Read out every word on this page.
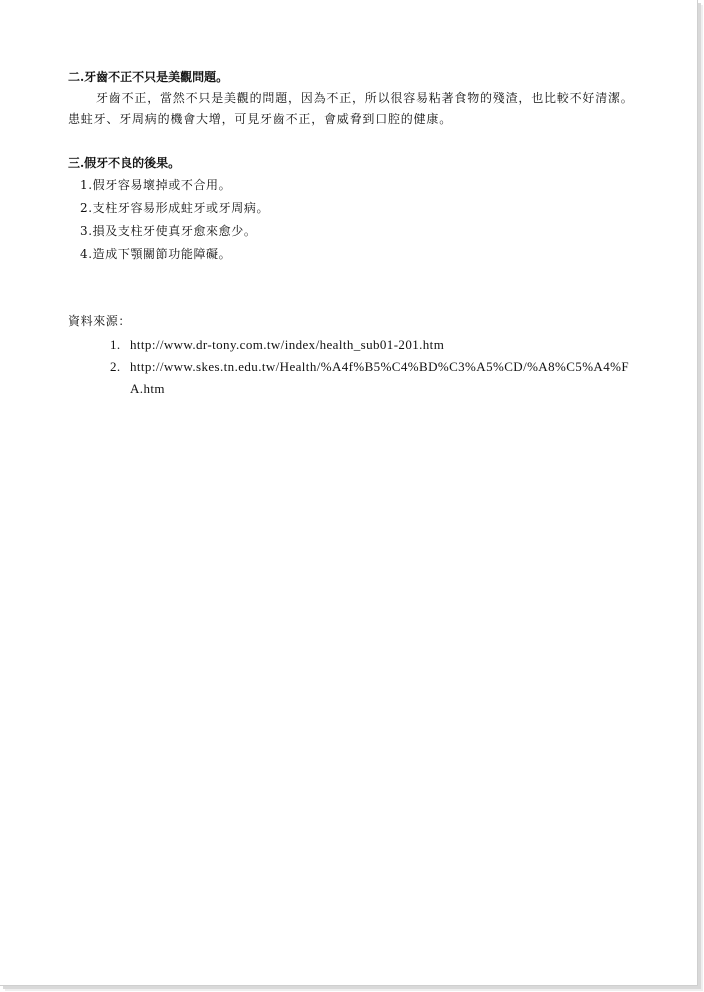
二.牙齒不正不只是美觀問題。

牙齒不正，當然不只是美觀的問題，因為不正，所以很容易粘著食物的殘渣，也比較不好清潔。患蛀牙、牙周病的機會大增，可見牙齒不正，會威脅到口腔的健康。

三.假牙不良的後果。

1.假牙容易壞掉或不合用。
2.支柱牙容易形成蛀牙或牙周病。
3.損及支柱牙使真牙愈來愈少。
4.造成下顎關節功能障礙。

資料來源：

1. http://www.dr-tony.com.tw/index/health_sub01-201.htm
2. http://www.skes.tn.edu.tw/Health/%A4f%B5%C4%BD%C3%A5%CD/%A8%C5%A4%FA.htm
